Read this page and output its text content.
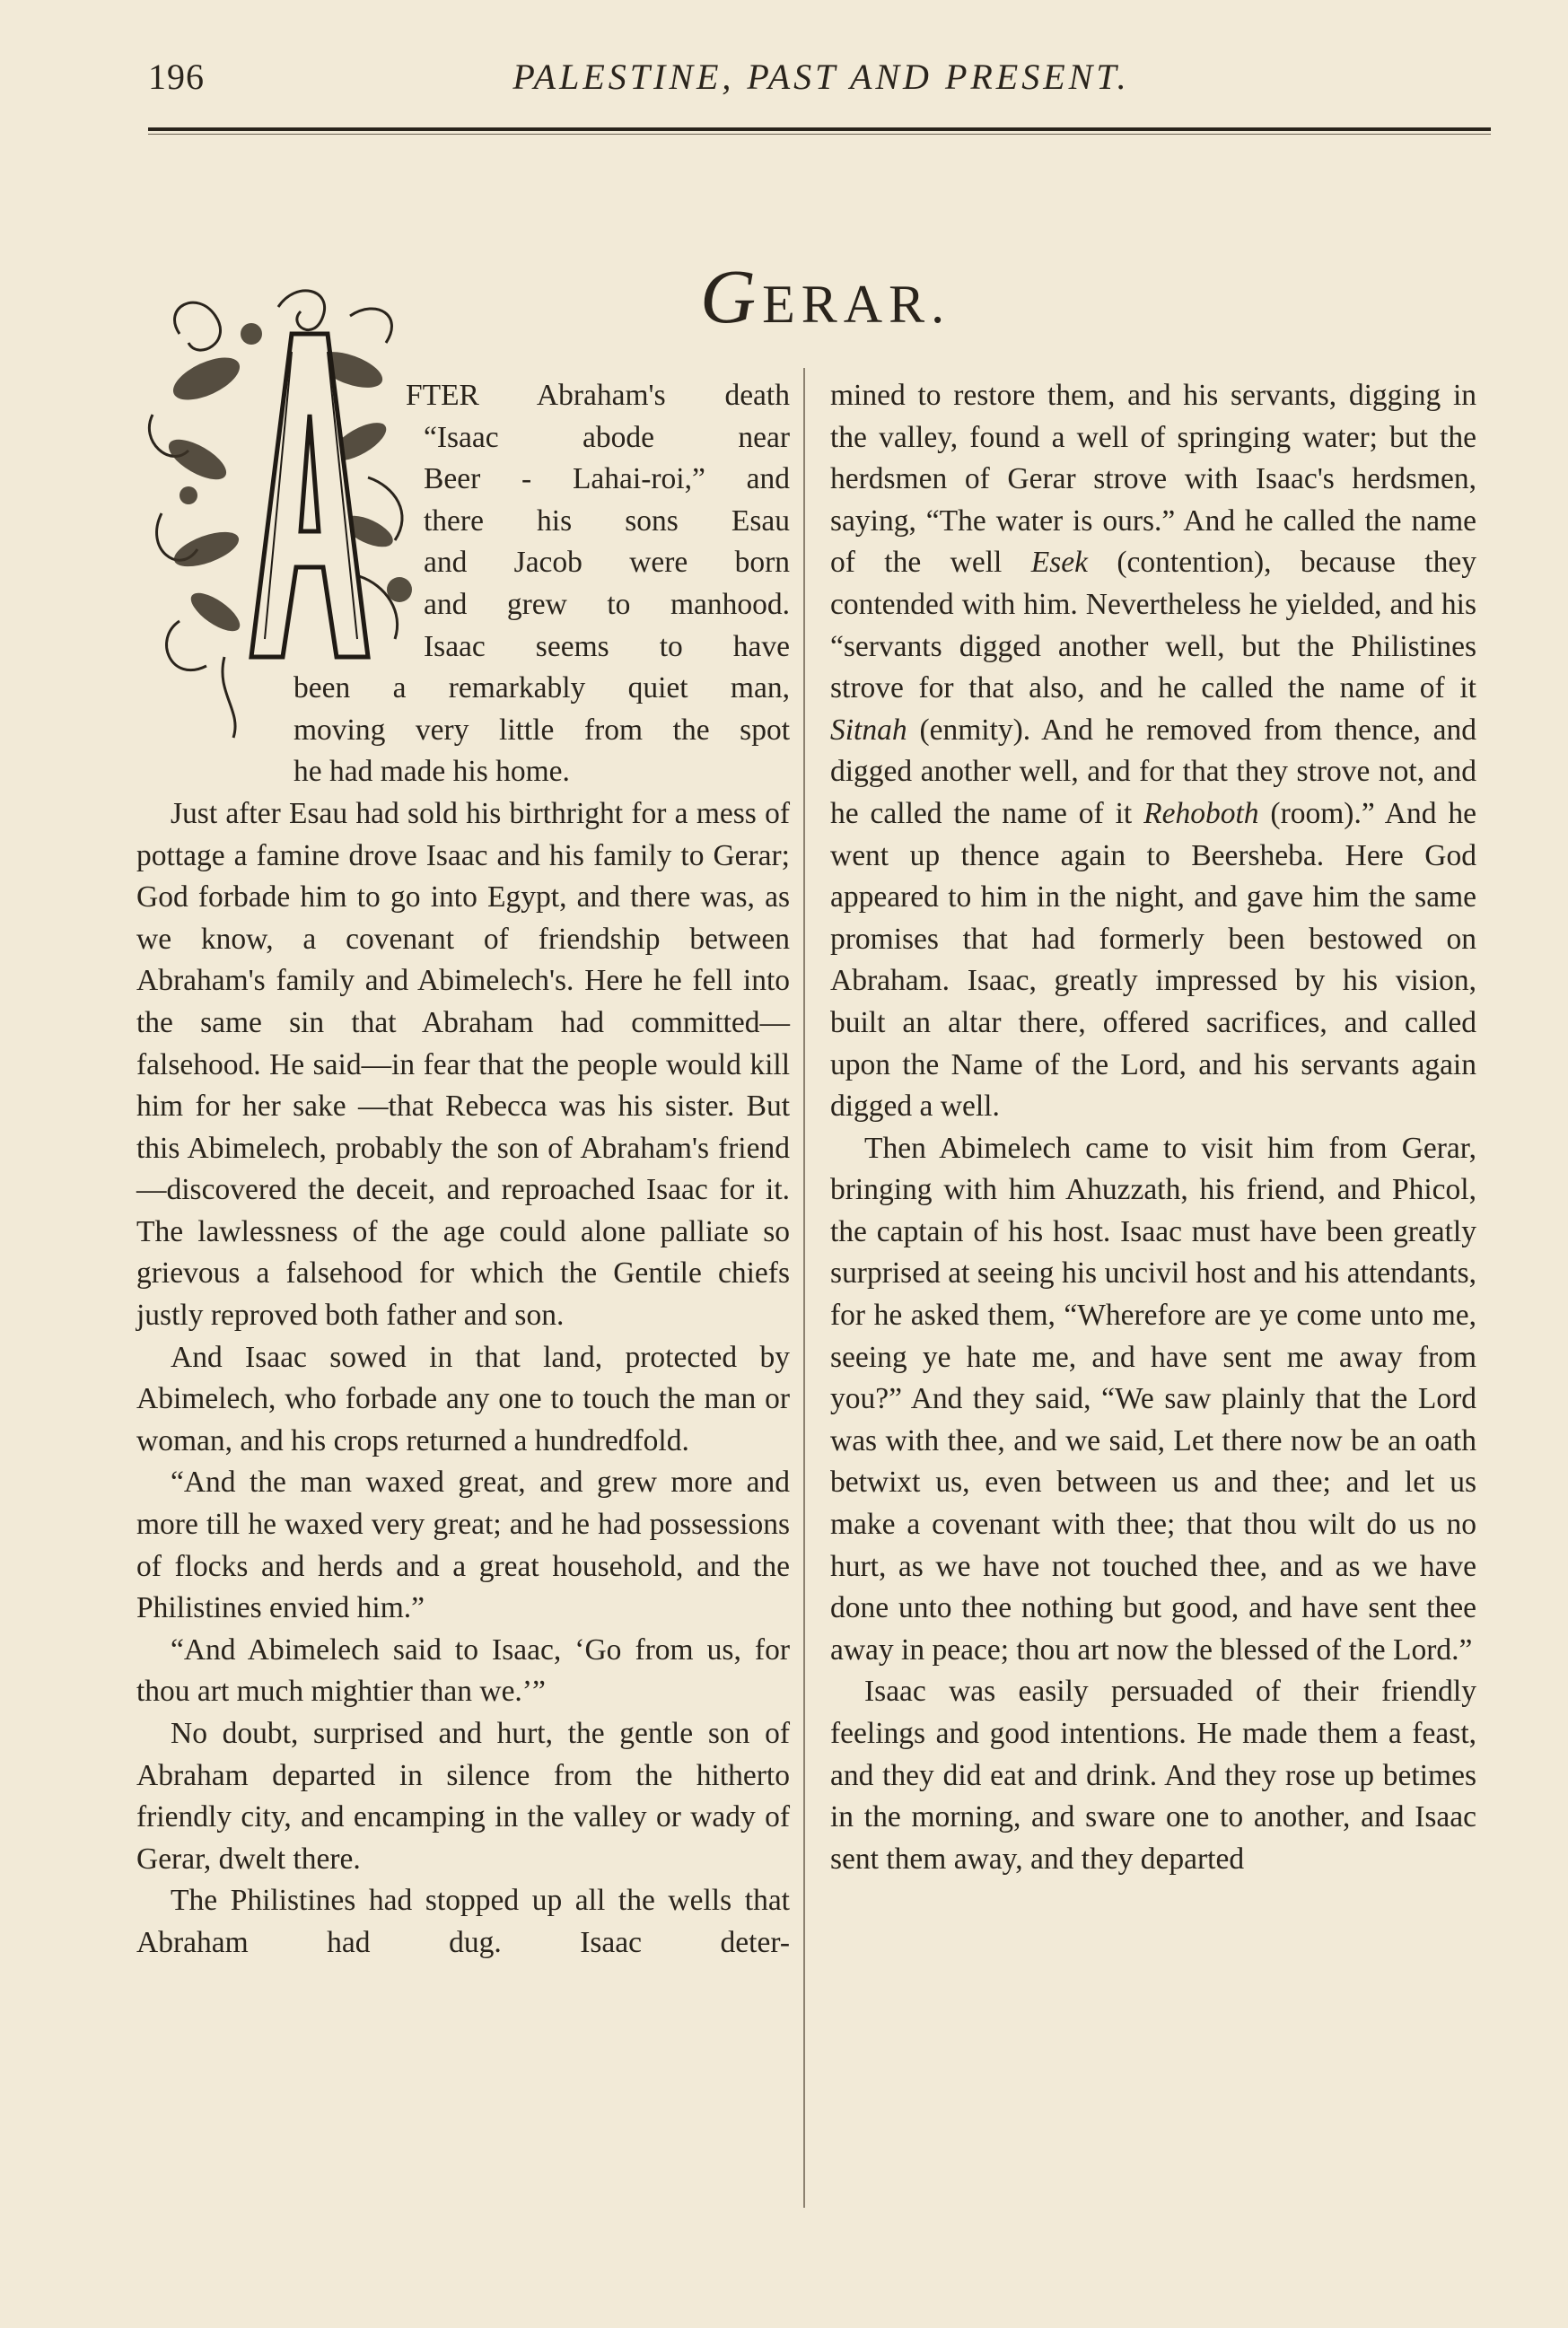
196	PALESTINE, PAST AND PRESENT.
GERAR.
FTER Abraham's death
“Isaac abode near
Beer - Lahai-roi,” and
there his sons Esau
and Jacob were born
and grew to manhood.
Isaac seems to have
been a remarkably quiet man,
moving very little from the spot
he had made his home.

Just after Esau had sold his birthright for a mess of pottage a famine drove Isaac and his family to Gerar; God forbade him to go into Egypt, and there was, as we know, a covenant of friendship between Abraham's family and Abimelech's. Here he fell into the same sin that Abraham had committed—falsehood. He said—in fear that the people would kill him for her sake —that Rebecca was his sister. But this Abimelech, probably the son of Abraham's friend—discovered the deceit, and reproached Isaac for it. The lawlessness of the age could alone palliate so grievous a falsehood for which the Gentile chiefs justly reproved both father and son.

And Isaac sowed in that land, protected by Abimelech, who forbade any one to touch the man or woman, and his crops returned a hundredfold.

“And the man waxed great, and grew more and more till he waxed very great; and he had possessions of flocks and herds and a great household, and the Philistines envied him.”

“And Abimelech said to Isaac, ‘Go from us, for thou art much mightier than we.’”

No doubt, surprised and hurt, the gentle son of Abraham departed in silence from the hitherto friendly city, and encamping in the valley or wady of Gerar, dwelt there.

The Philistines had stopped up all the wells that Abraham had dug. Isaac deter-

mined to restore them, and his servants, digging in the valley, found a well of springing water; but the herdsmen of Gerar strove with Isaac's herdsmen, saying, “The water is ours.” And he called the name of the well Esek (contention), because they contended with him. Nevertheless he yielded, and his “servants digged another well, but the Philistines strove for that also, and he called the name of it Sitnah (enmity). And he removed from thence, and digged another well, and for that they strove not, and he called the name of it Rehoboth (room).” And he went up thence again to Beersheba. Here God appeared to him in the night, and gave him the same promises that had formerly been bestowed on Abraham. Isaac, greatly impressed by his vision, built an altar there, offered sacrifices, and called upon the Name of the Lord, and his servants again digged a well.

Then Abimelech came to visit him from Gerar, bringing with him Ahuzzath, his friend, and Phicol, the captain of his host. Isaac must have been greatly surprised at seeing his uncivil host and his attendants, for he asked them, “Wherefore are ye come unto me, seeing ye hate me, and have sent me away from you?” And they said, “We saw plainly that the Lord was with thee, and we said, Let there now be an oath betwixt us, even between us and thee; and let us make a covenant with thee; that thou wilt do us no hurt, as we have not touched thee, and as we have done unto thee nothing but good, and have sent thee away in peace; thou art now the blessed of the Lord.”

Isaac was easily persuaded of their friendly feelings and good intentions. He made them a feast, and they did eat and drink. And they rose up betimes in the morning, and sware one to another, and Isaac sent them away, and they departed
